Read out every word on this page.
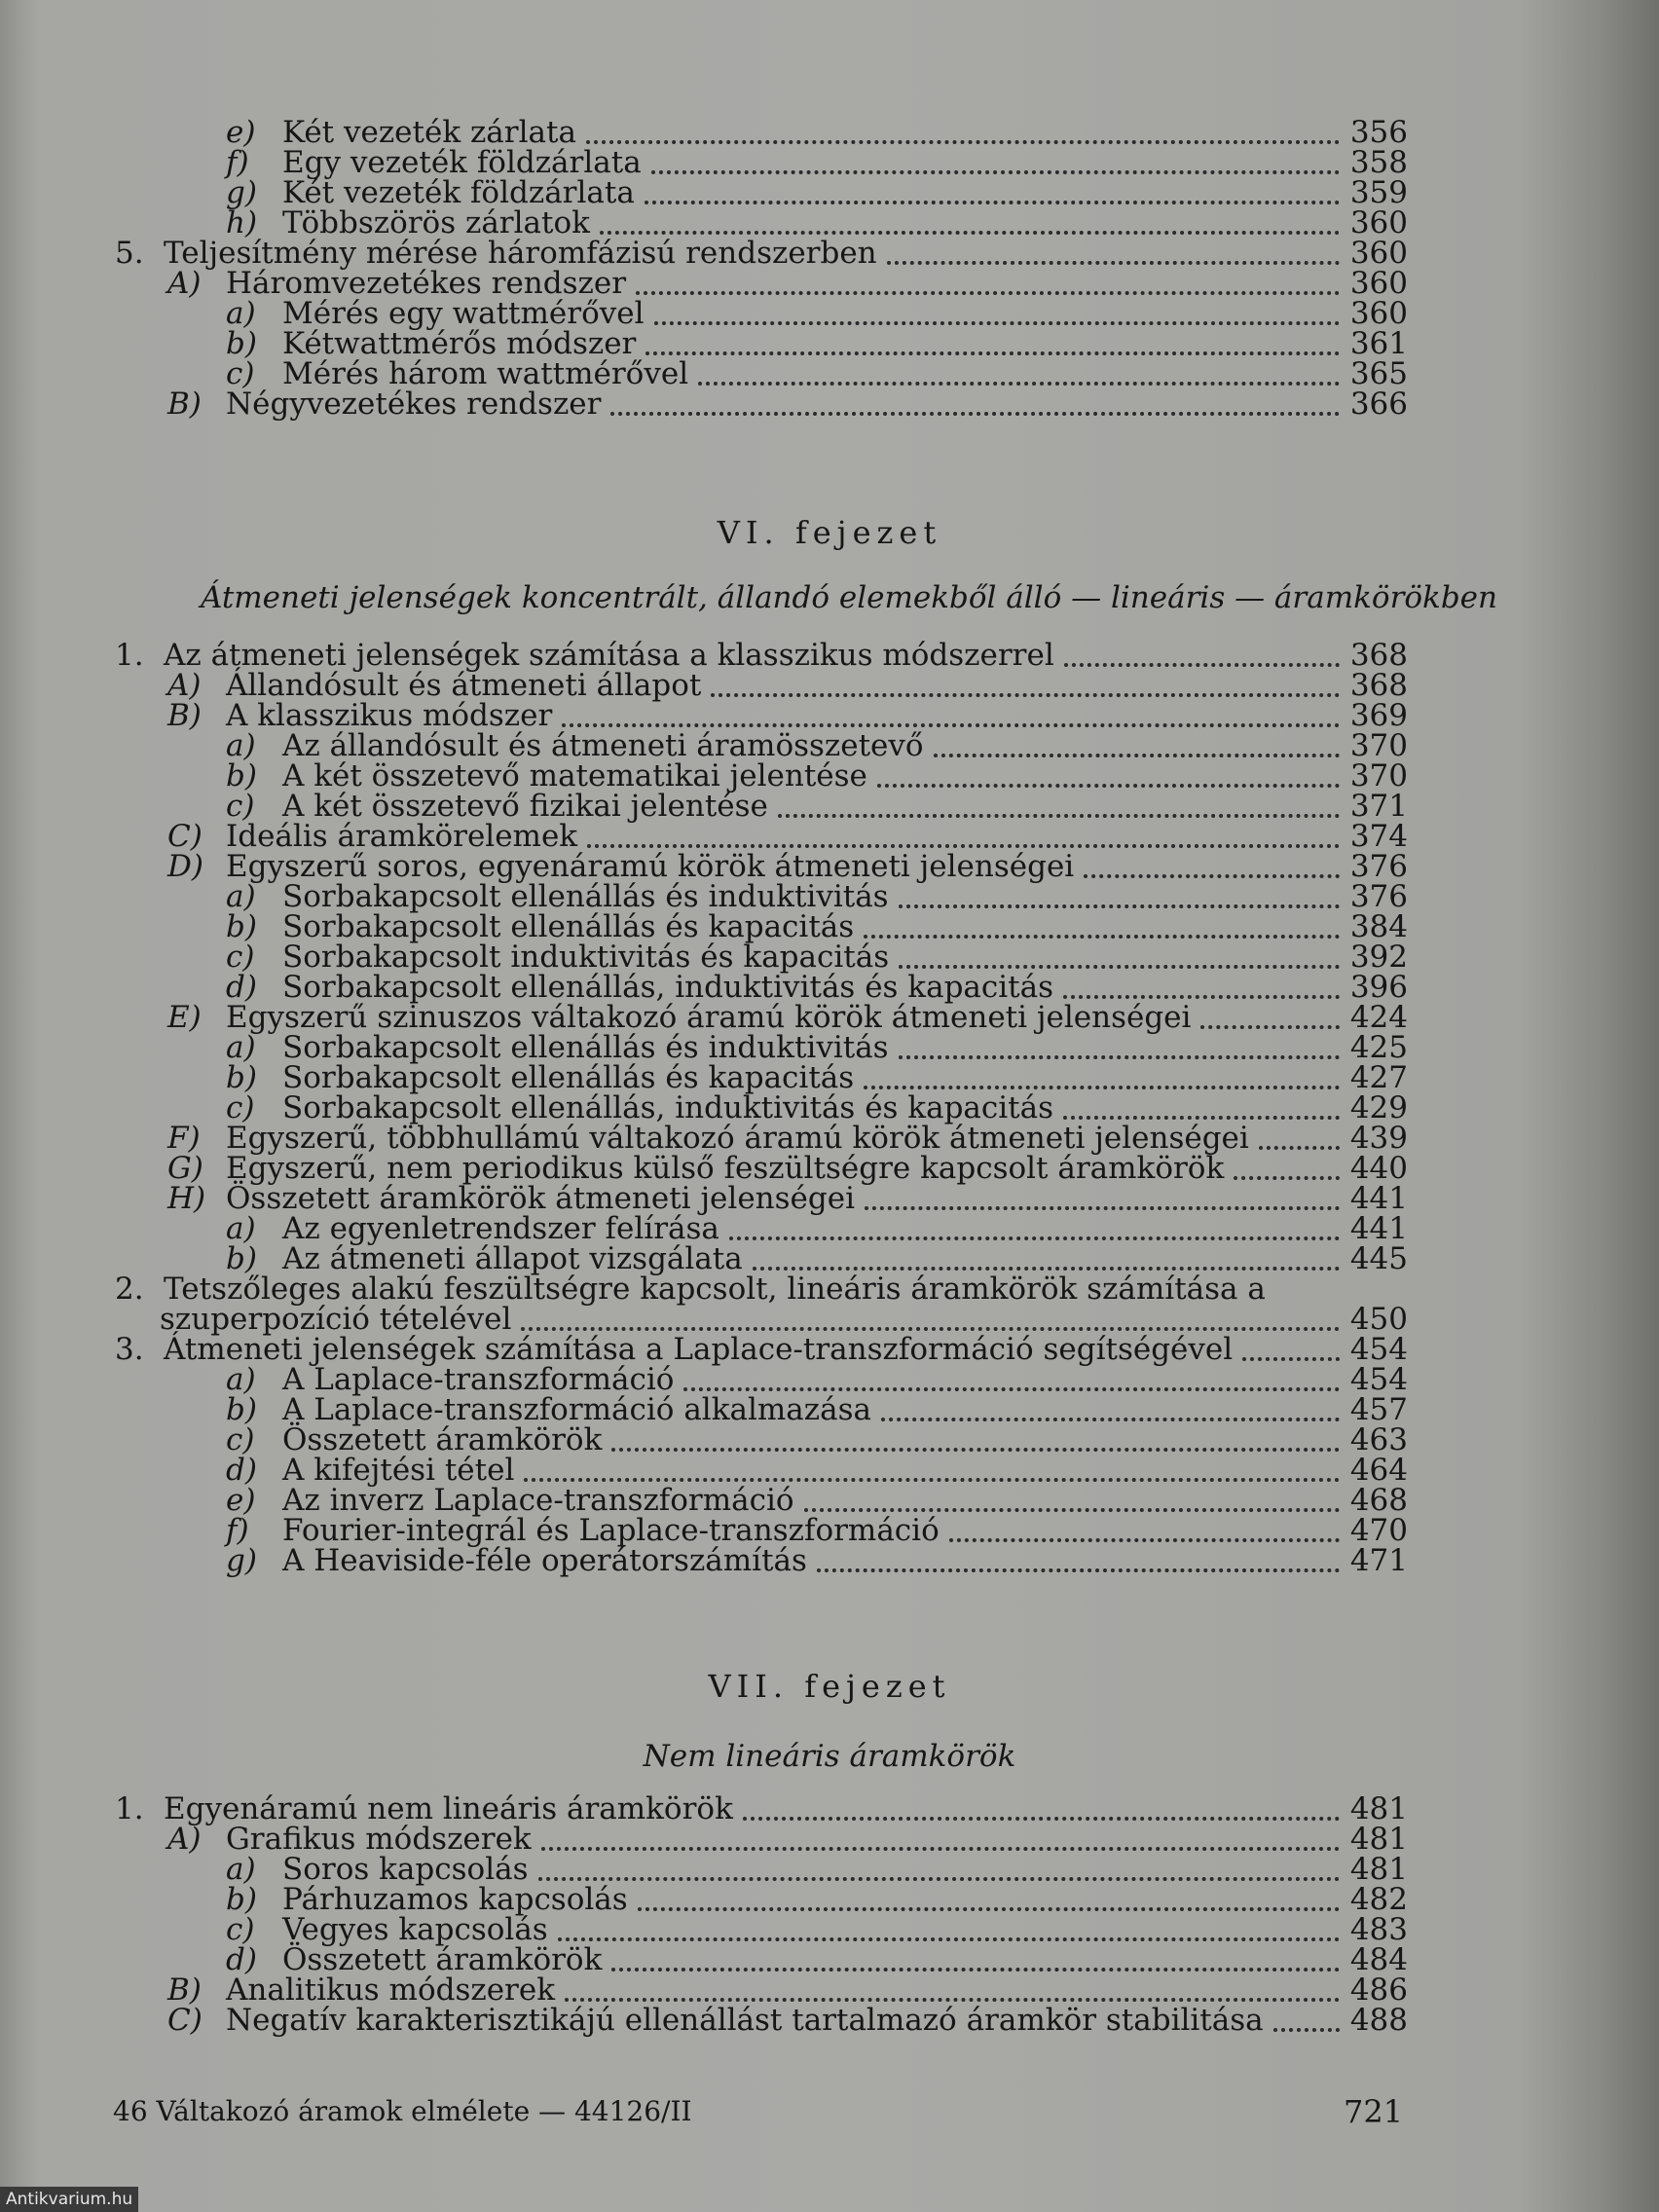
e) Két vezeték zárlata	356
f) Egy vezeték földzárlata	358
g) Két vezeték földzárlata	359
h) Többszörös zárlatok	360
5. Teljesítmény mérése háromfázisú rendszerben	360
A) Háromvezetékes rendszer	360
a) Mérés egy wattmérővel	360
b) Kétwattmérős módszer	361
c) Mérés három wattmérővel	365
B) Négyvezetékes rendszer	366
VI. fejezet
Átmeneti jelenségek koncentrált, állandó elemekből álló — lineáris — áramkörökben
1. Az átmeneti jelenségek számítása a klasszikus módszerrel	368
A) Állandósult és átmeneti állapot	368
B) A klasszikus módszer	369
a) Az állandósult és átmeneti áramösszetevő	370
b) A két összetevő matematikai jelentése	370
c) A két összetevő fizikai jelentése	371
C) Ideális áramkörelemek	374
D) Egyszerű soros, egyenáramú körök átmeneti jelenségei	376
a) Sorbakapcsolt ellenállás és induktivitás	376
b) Sorbakapcsolt ellenállás és kapacitás	384
c) Sorbakapcsolt induktivitás és kapacitás	392
d) Sorbakapcsolt ellenállás, induktivitás és kapacitás	396
E) Egyszerű szinuszos váltakozó áramú körök átmeneti jelenségei	424
a) Sorbakapcsolt ellenállás és induktivitás	425
b) Sorbakapcsolt ellenállás és kapacitás	427
c) Sorbakapcsolt ellenállás, induktivitás és kapacitás	429
F) Egyszerű, többhullámú váltakozó áramú körök átmeneti jelenségei	439
G) Egyszerű, nem periodikus külső feszültségre kapcsolt áramkörök	440
H) Összetett áramkörök átmeneti jelenségei	441
a) Az egyenletrendszer felírása	441
b) Az átmeneti állapot vizsgálata	445
2. Tetszőleges alakú feszültségre kapcsolt, lineáris áramkörök számítása a
szuperpozíció tételével	450
3. Átmeneti jelenségek számítása a Laplace-transzformáció segítségével	454
a) A Laplace-transzformáció	454
b) A Laplace-transzformáció alkalmazása	457
c) Összetett áramkörök	463
d) A kifejtési tétel	464
e) Az inverz Laplace-transzformáció	468
f) Fourier-integrál és Laplace-transzformáció	470
g) A Heaviside-féle operátorszámítás	471
VII. fejezet
Nem lineáris áramkörök
1. Egyenáramú nem lineáris áramkörök	481
A) Grafikus módszerek	481
a) Soros kapcsolás	481
b) Párhuzamos kapcsolás	482
c) Vegyes kapcsolás	483
d) Összetett áramkörök	484
B) Analitikus módszerek	486
C) Negatív karakterisztikájú ellenállást tartalmazó áramkör stabilitása	488
46 Váltakozó áramok elmélete — 44126/II	721
Antikvarium.hu
